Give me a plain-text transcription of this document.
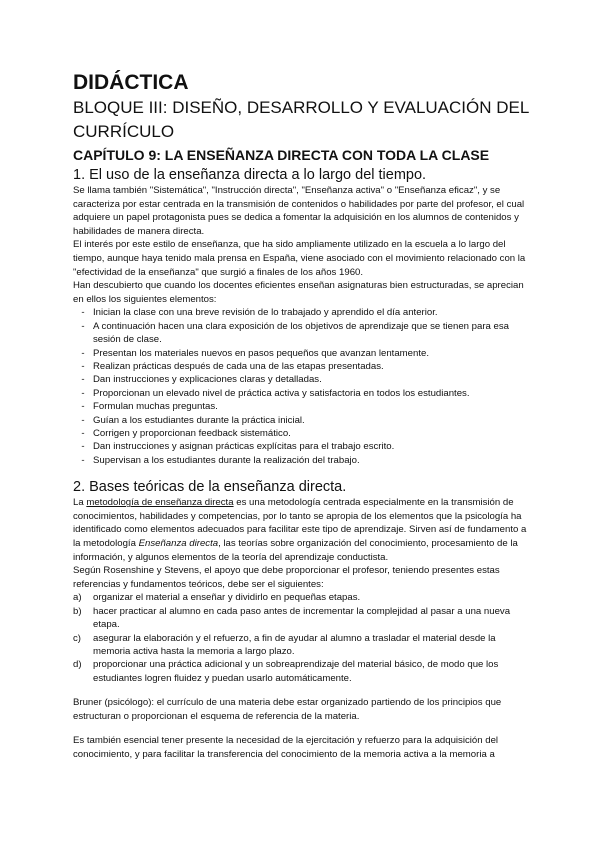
DIDÁCTICA
BLOQUE III: DISEÑO, DESARROLLO Y EVALUACIÓN DEL CURRÍCULO
CAPÍTULO 9: LA ENSEÑANZA DIRECTA CON TODA LA CLASE
1. El uso de la enseñanza directa a lo largo del tiempo.

Se llama también "Sistemática", "Instrucción directa", "Enseñanza activa" o "Enseñanza eficaz", y se caracteriza por estar centrada en la transmisión de contenidos o habilidades por parte del profesor, el cual adquiere un papel protagonista pues se dedica a fomentar la adquisición en los alumnos de contenidos y habilidades de manera directa.

El interés por este estilo de enseñanza, que ha sido ampliamente utilizado en la escuela a lo largo del tiempo, aunque haya tenido mala prensa en España, viene asociado con el movimiento relacionado con la "efectividad de la enseñanza" que surgió a finales de los años 1960.

Han descubierto que cuando los docentes eficientes enseñan asignaturas bien estructuradas, se aprecian en ellos los siguientes elementos:

- Inician la clase con una breve revisión de lo trabajado y aprendido el día anterior.
- A continuación hacen una clara exposición de los objetivos de aprendizaje que se tienen para esa sesión de clase.
- Presentan los materiales nuevos en pasos pequeños que avanzan lentamente.
- Realizan prácticas después de cada una de las etapas presentadas.
- Dan instrucciones y explicaciones claras y detalladas.
- Proporcionan un elevado nivel de práctica activa y satisfactoria en todos los estudiantes.
- Formulan muchas preguntas.
- Guían a los estudiantes durante la práctica inicial.
- Corrigen y proporcionan feedback sistemático.
- Dan instrucciones y asignan prácticas explícitas para el trabajo escrito.
- Supervisan a los estudiantes durante la realización del trabajo.
2. Bases teóricas de la enseñanza directa.

La metodología de enseñanza directa es una metodología centrada especialmente en la transmisión de conocimientos, habilidades y competencias, por lo tanto se apropia de los elementos que la psicología ha identificado como elementos adecuados para facilitar este tipo de aprendizaje. Sirven así de fundamento a la metodología Enseñanza directa, las teorías sobre organización del conocimiento, procesamiento de la información, y algunos elementos de la teoría del aprendizaje conductista.

Según Rosenshine y Stevens, el apoyo que debe proporcionar el profesor, teniendo presentes estas referencias y fundamentos teóricos, debe ser el siguientes:

a) organizar el material a enseñar y dividirlo en pequeñas etapas.
b) hacer practicar al alumno en cada paso antes de incrementar la complejidad al pasar a una nueva etapa.
c) asegurar la elaboración y el refuerzo, a fin de ayudar al alumno a trasladar el material desde la memoria activa hasta la memoria a largo plazo.
d) proporcionar una práctica adicional y un sobreaprendizaje del material básico, de modo que los estudiantes logren fluidez y puedan usarlo automáticamente.

Bruner (psicólogo): el currículo de una materia debe estar organizado partiendo de los principios que estructuran o proporcionan el esquema de referencia de la materia.

Es también esencial tener presente la necesidad de la ejercitación y refuerzo para la adquisición del conocimiento, y para facilitar la transferencia del conocimiento de la memoria activa a la memoria a
